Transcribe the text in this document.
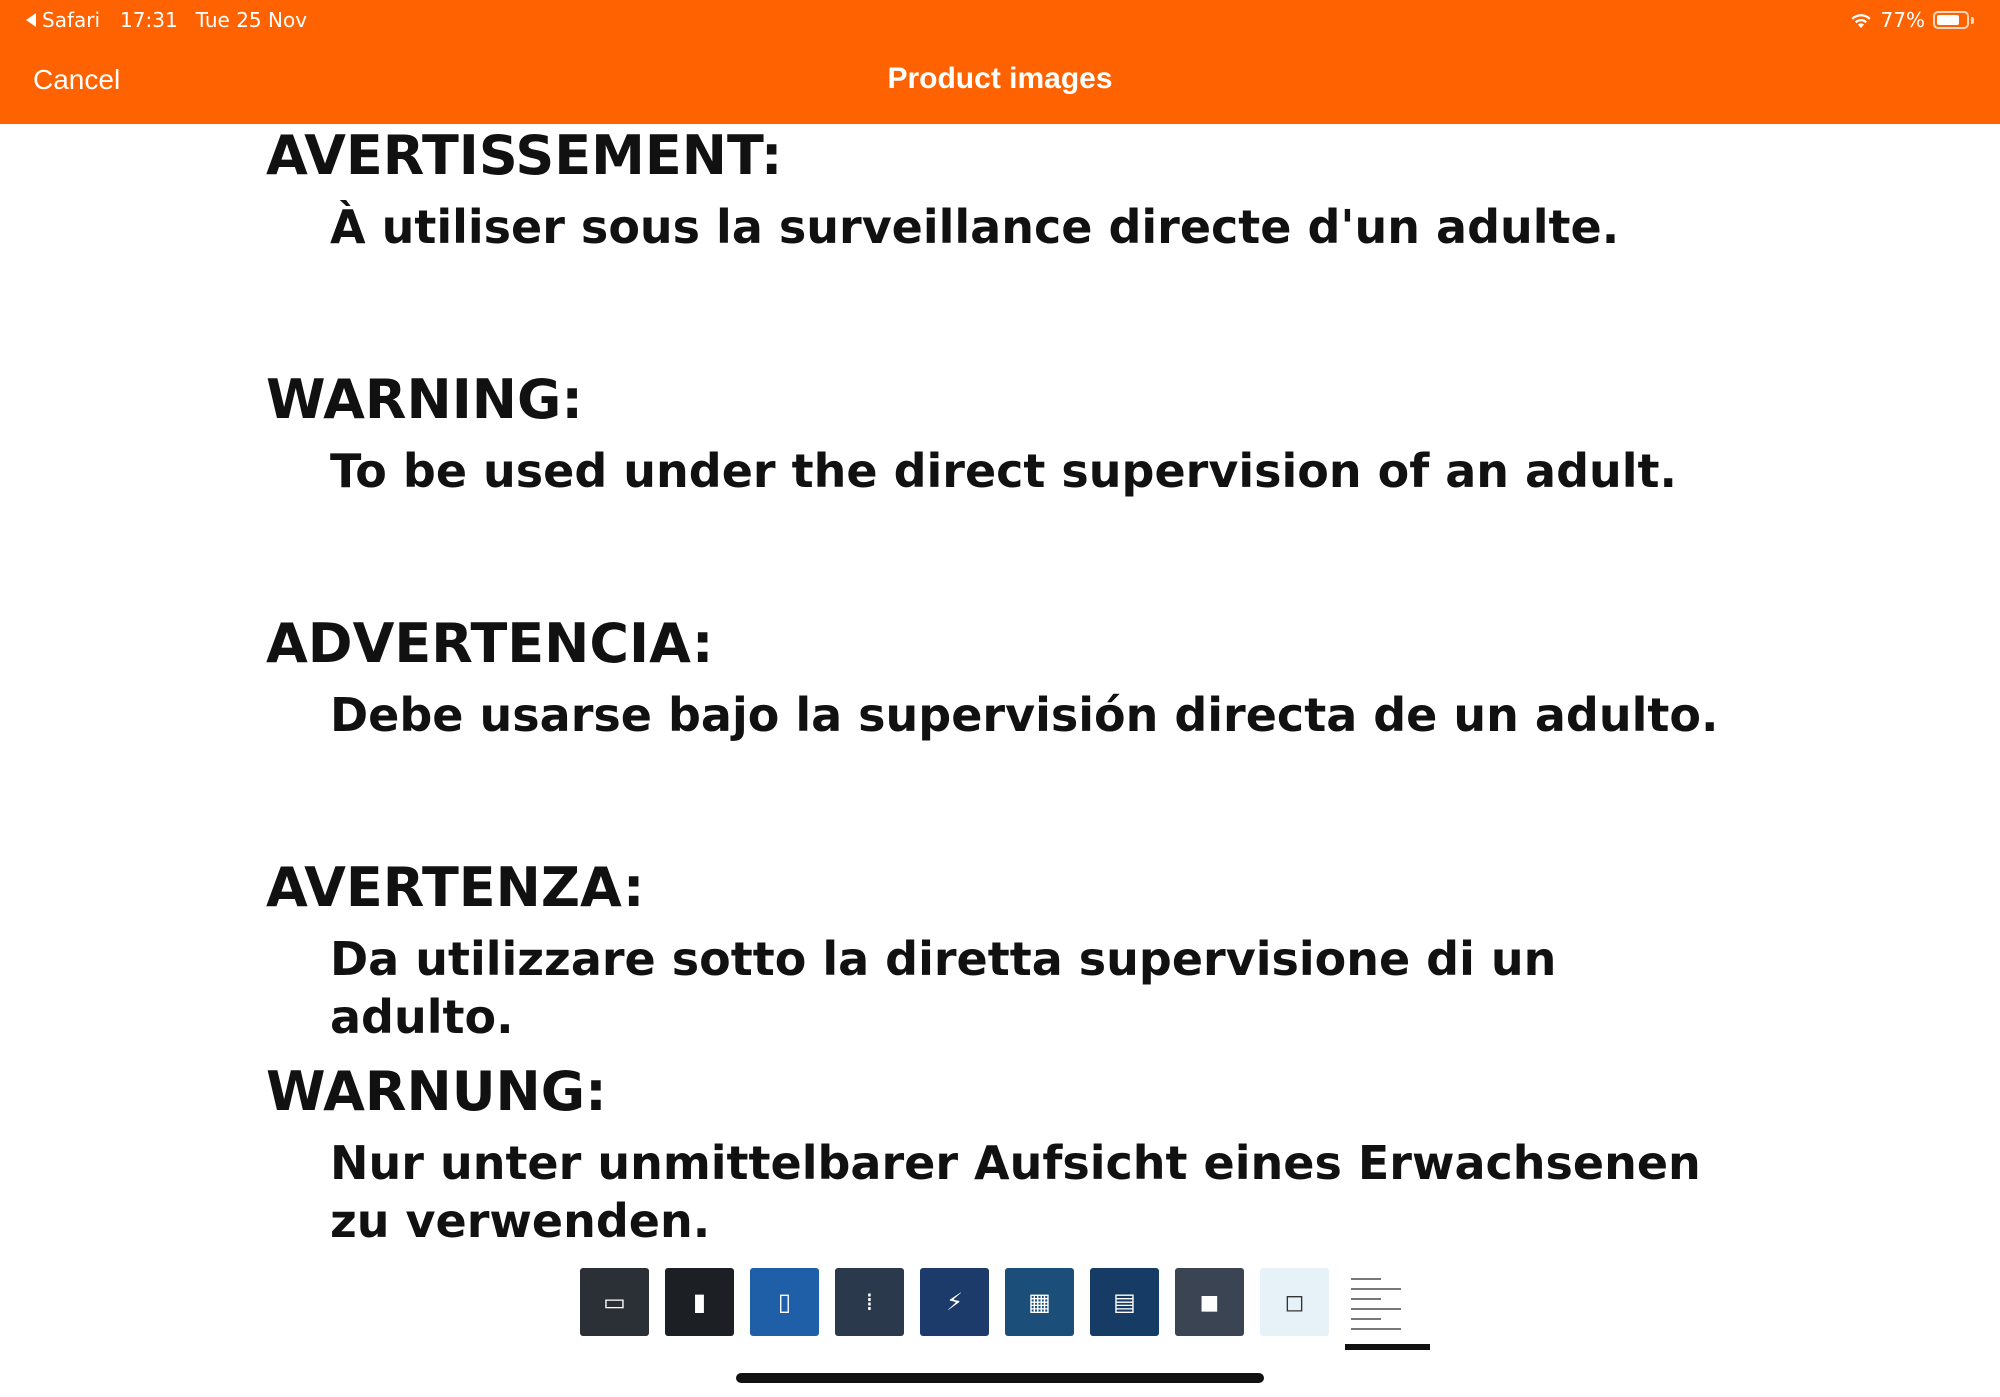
Safari 17:31 Tue 25 Nov	77%
Cancel	Product images
AVERTISSEMENT:
À utiliser sous la surveillance directe d'un adulte.
WARNING:
To be used under the direct supervision of an adult.
ADVERTENCIA:
Debe usarse bajo la supervisión directa de un adulto.
AVERTENZA:
Da utilizzare sotto la diretta supervisione di un adulto.
WARNUNG:
Nur unter unmittelbarer Aufsicht eines Erwachsenen zu verwenden.
▭	▮	▯	⁞	⚡	▦	▤	◼	◻
